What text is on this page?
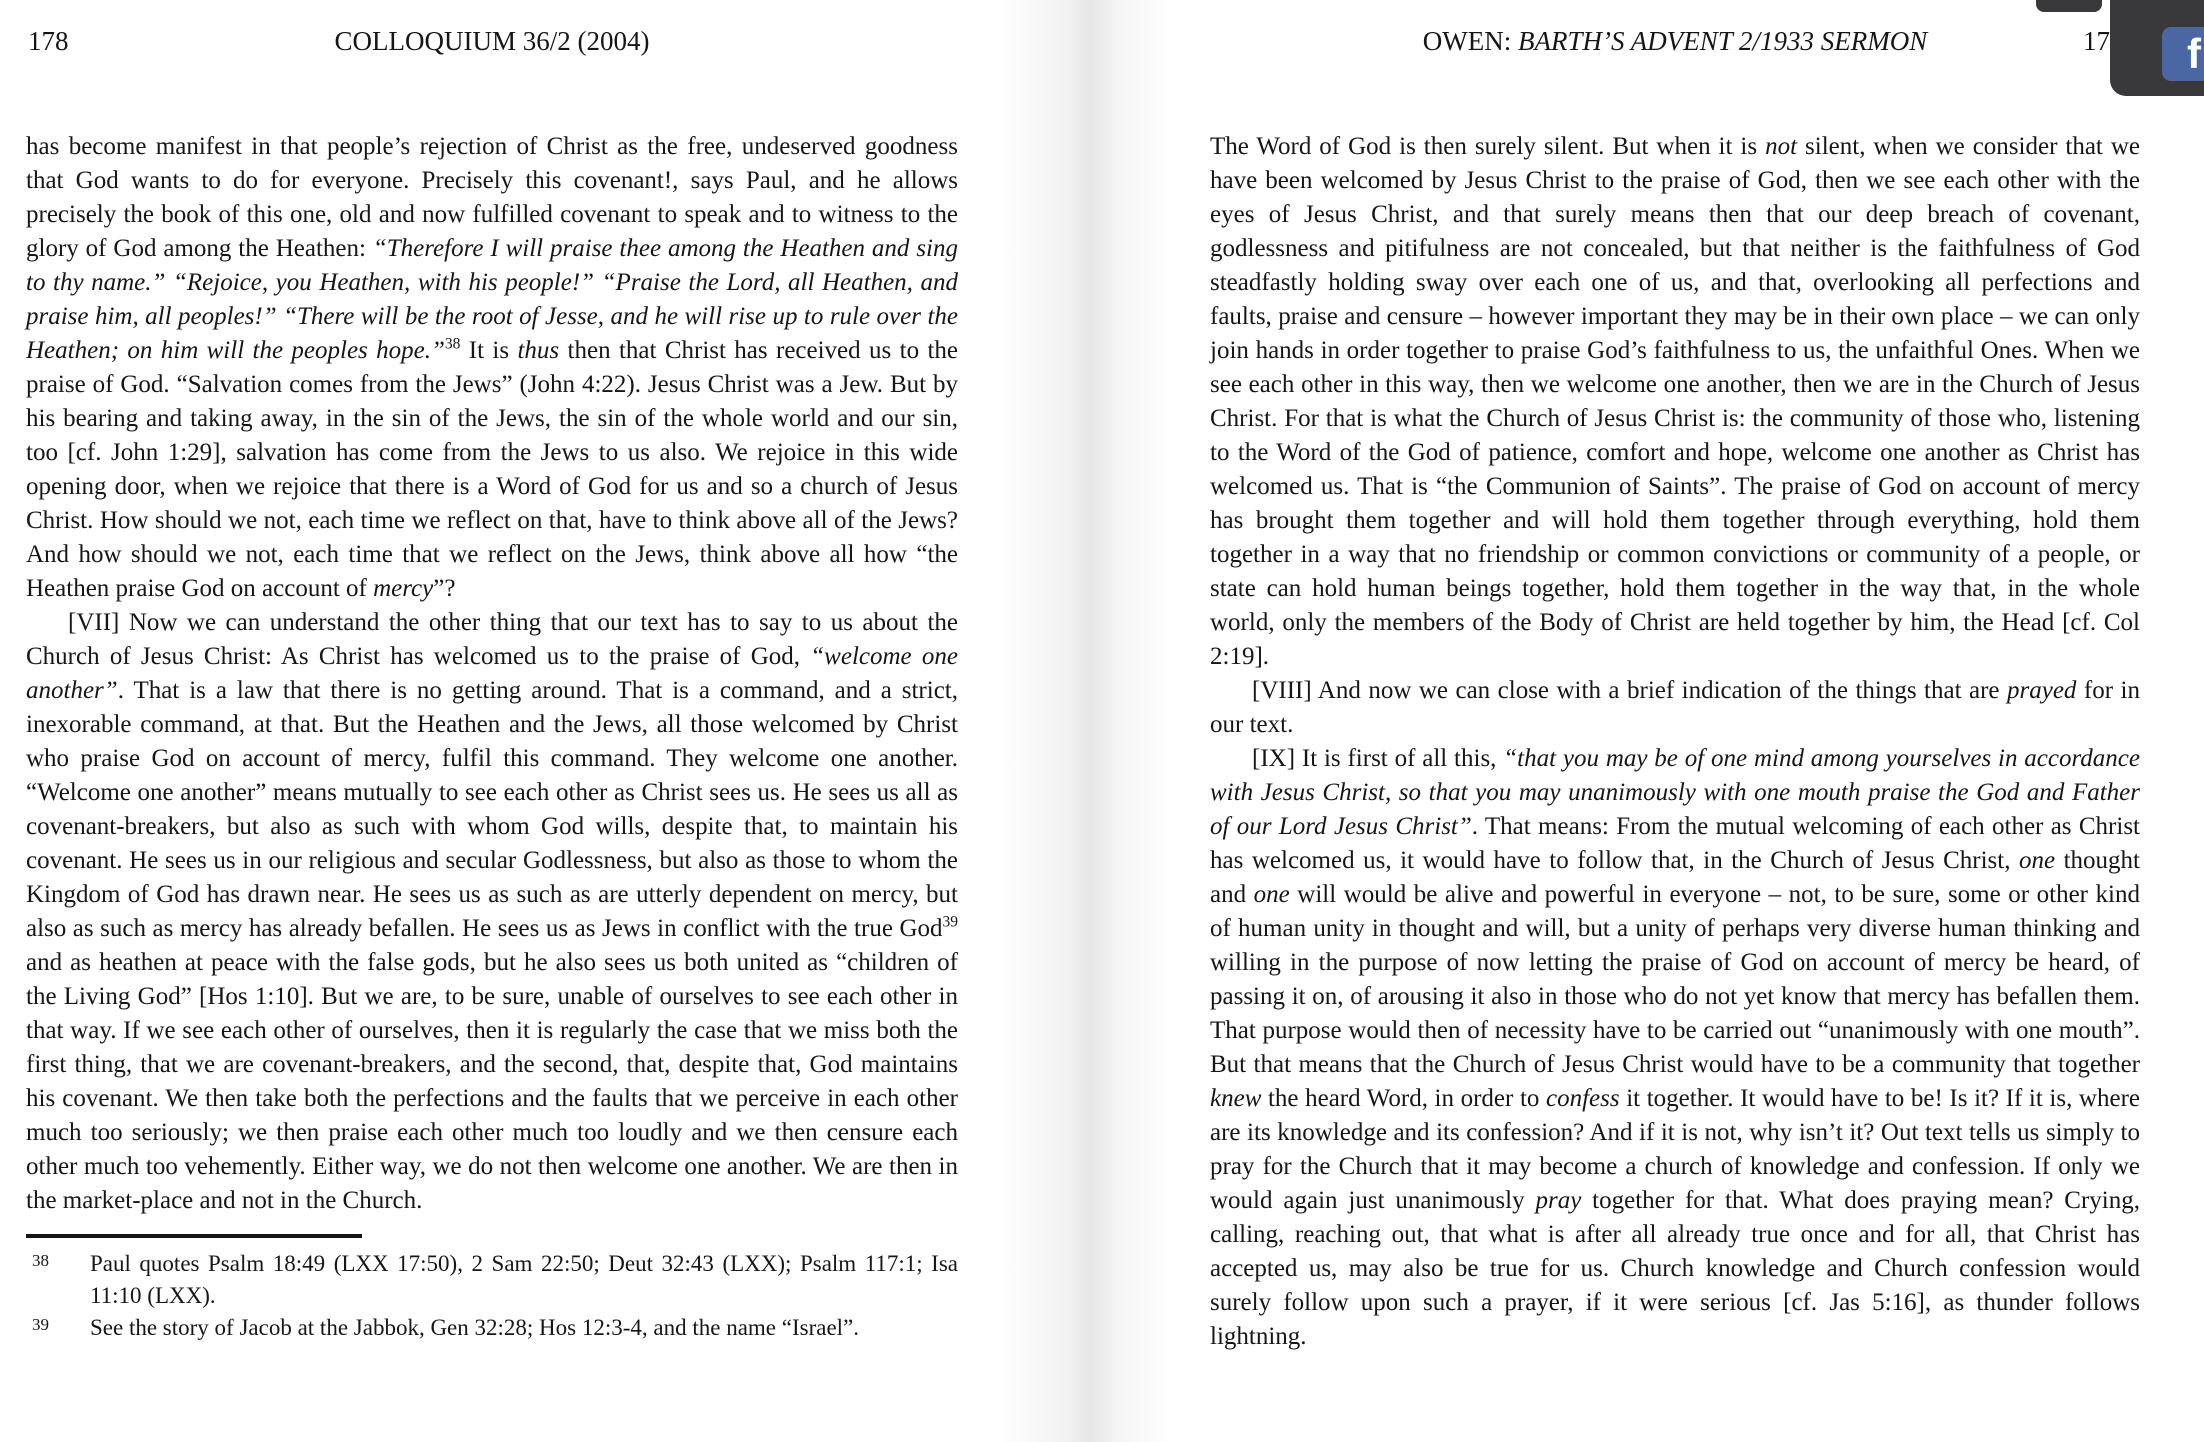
178	COLLOQUIUM 36/2 (2004)

has become manifest in that people’s rejection of Christ as the free, undeserved goodness that God wants to do for everyone. Precisely this covenant!, says Paul, and he allows precisely the book of this one, old and now fulfilled covenant to speak and to witness to the glory of God among the Heathen: “Therefore I will praise thee among the Heathen and sing to thy name.” “Rejoice, you Heathen, with his people!” “Praise the Lord, all Heathen, and praise him, all peoples!” “There will be the root of Jesse, and he will rise up to rule over the Heathen; on him will the peoples hope.”$^{38}$ It is thus then that Christ has received us to the praise of God. “Salvation comes from the Jews” (John 4:22). Jesus Christ was a Jew. But by his bearing and taking away, in the sin of the Jews, the sin of the whole world and our sin, too [cf. John 1:29], salvation has come from the Jews to us also. We rejoice in this wide opening door, when we rejoice that there is a Word of God for us and so a church of Jesus Christ. How should we not, each time we reflect on that, have to think above all of the Jews? And how should we not, each time that we reflect on the Jews, think above all how “the Heathen praise God on account of mercy”?

[VII] Now we can understand the other thing that our text has to say to us about the Church of Jesus Christ: As Christ has welcomed us to the praise of God, “welcome one another”. That is a law that there is no getting around. That is a command, and a strict, inexorable command, at that. But the Heathen and the Jews, all those welcomed by Christ who praise God on account of mercy, fulfil this command. They welcome one another. “Welcome one another” means mutually to see each other as Christ sees us. He sees us all as covenant-breakers, but also as such with whom God wills, despite that, to maintain his covenant. He sees us in our religious and secular Godlessness, but also as those to whom the Kingdom of God has drawn near. He sees us as such as are utterly dependent on mercy, but also as such as mercy has already befallen. He sees us as Jews in conflict with the true God$^{39}$ and as heathen at peace with the false gods, but he also sees us both united as “children of the Living God” [Hos 1:10]. But we are, to be sure, unable of ourselves to see each other in that way. If we see each other of ourselves, then it is regularly the case that we miss both the first thing, that we are covenant-breakers, and the second, that, despite that, God maintains his covenant. We then take both the perfections and the faults that we perceive in each other much too seriously; we then praise each other much too loudly and we then censure each other much too vehemently. Either way, we do not then welcome one another. We are then in the market-place and not in the Church.

38 Paul quotes Psalm 18:49 (LXX 17:50), 2 Sam 22:50; Deut 32:43 (LXX); Psalm 117:1; Isa 11:10 (LXX).
39 See the story of Jacob at the Jabbok, Gen 32:28; Hos 12:3-4, and the name “Israel”.
OWEN: BARTH’S ADVENT 2/1933 SERMON	17

The Word of God is then surely silent. But when it is not silent, when we consider that we have been welcomed by Jesus Christ to the praise of God, then we see each other with the eyes of Jesus Christ, and that surely means then that our deep breach of covenant, godlessness and pitifulness are not concealed, but that neither is the faithfulness of God steadfastly holding sway over each one of us, and that, overlooking all perfections and faults, praise and censure – however important they may be in their own place – we can only join hands in order together to praise God’s faithfulness to us, the unfaithful Ones. When we see each other in this way, then we welcome one another, then we are in the Church of Jesus Christ. For that is what the Church of Jesus Christ is: the community of those who, listening to the Word of the God of patience, comfort and hope, welcome one another as Christ has welcomed us. That is “the Communion of Saints”. The praise of God on account of mercy has brought them together and will hold them together through everything, hold them together in a way that no friendship or common convictions or community of a people, or state can hold human beings together, hold them together in the way that, in the whole world, only the members of the Body of Christ are held together by him, the Head [cf. Col 2:19].

[VIII] And now we can close with a brief indication of the things that are prayed for in our text.

[IX] It is first of all this, “that you may be of one mind among yourselves in accordance with Jesus Christ, so that you may unanimously with one mouth praise the God and Father of our Lord Jesus Christ”. That means: From the mutual welcoming of each other as Christ has welcomed us, it would have to follow that, in the Church of Jesus Christ, one thought and one will would be alive and powerful in everyone – not, to be sure, some or other kind of human unity in thought and will, but a unity of perhaps very diverse human thinking and willing in the purpose of now letting the praise of God on account of mercy be heard, of passing it on, of arousing it also in those who do not yet know that mercy has befallen them. That purpose would then of necessity have to be carried out “unanimously with one mouth”. But that means that the Church of Jesus Christ would have to be a community that together knew the heard Word, in order to confess it together. It would have to be! Is it? If it is, where are its knowledge and its confession? And if it is not, why isn’t it? Out text tells us simply to pray for the Church that it may become a church of knowledge and confession. If only we would again just unanimously pray together for that. What does praying mean? Crying, calling, reaching out, that what is after all already true once and for all, that Christ has accepted us, may also be true for us. Church knowledge and Church confession would surely follow upon such a prayer, if it were serious [cf. Jas 5:16], as thunder follows lightning.

f
